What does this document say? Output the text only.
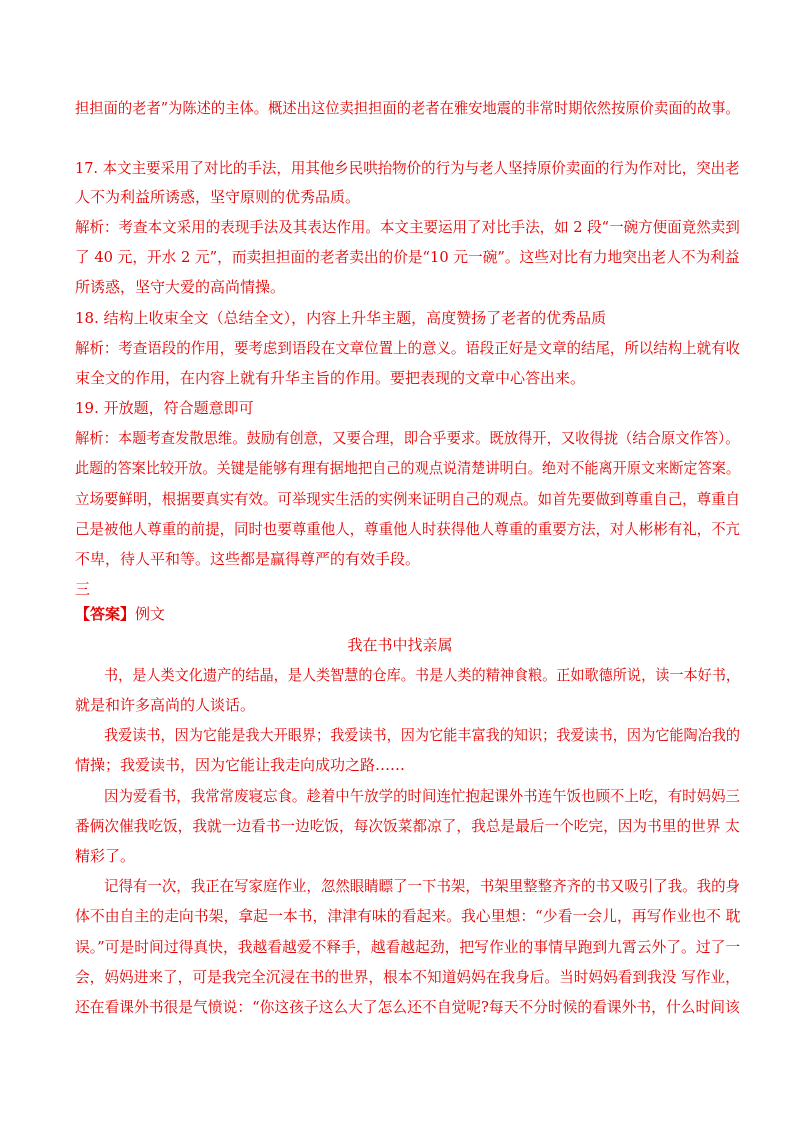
担担面的老者”为陈述的主体。概述出这位卖担担面的老者在雅安地震的非常时期依然按原价卖面的故事。
17. 本文主要采用了对比的手法，用其他乡民哄抬物价的行为与老人坚持原价卖面的行为作对比，突出老
人不为利益所诱惑，坚守原则的优秀品质。
解析：考查本文采用的表现手法及其表达作用。本文主要运用了对比手法，如 2 段“一碗方便面竟然卖到
了 40 元，开水 2 元”，而卖担担面的老者卖出的价是“10 元一碗”。这些对比有力地突出老人不为利益
所诱惑，坚守大爱的高尚情操。
18. 结构上收束全文（总结全文），内容上升华主题，高度赞扬了老者的优秀品质
解析：考查语段的作用，要考虑到语段在文章位置上的意义。语段正好是文章的结尾，所以结构上就有收
束全文的作用，在内容上就有升华主旨的作用。要把表现的文章中心答出来。
19. 开放题，符合题意即可
解析：本题考查发散思维。鼓励有创意，又要合理，即合乎要求。既放得开，又收得拢（结合原文作答）。
此题的答案比较开放。关键是能够有理有据地把自己的观点说清楚讲明白。绝对不能离开原文来断定答案。
立场要鲜明，根据要真实有效。可举现实生活的实例来证明自己的观点。如首先要做到尊重自己，尊重自
己是被他人尊重的前提，同时也要尊重他人，尊重他人时获得他人尊重的重要方法，对人彬彬有礼，不亢
不卑，待人平和等。这些都是赢得尊严的有效手段。
三
【答案】例文
我在书中找亲属
书，是人类文化遗产的结晶，是人类智慧的仓库。书是人类的精神食粮。正如歌德所说，读一本好书，
就是和许多高尚的人谈话。
我爱读书，因为它能是我大开眼界；我爱读书，因为它能丰富我的知识；我爱读书，因为它能陶冶我的
情操；我爱读书，因为它能让我走向成功之路……
因为爱看书，我常常废寝忘食。趁着中午放学的时间连忙抱起课外书连午饭也顾不上吃，有时妈妈三
番俩次催我吃饭，我就一边看书一边吃饭，每次饭菜都凉了，我总是最后一个吃完，因为书里的世界 太
精彩了。
记得有一次，我正在写家庭作业，忽然眼睛瞟了一下书架，书架里整整齐齐的书又吸引了我。我的身
体不由自主的走向书架，拿起一本书，津津有味的看起来。我心里想：“少看一会儿，再写作业也不 耽
误。”可是时间过得真快，我越看越爱不释手，越看越起劲，把写作业的事情早跑到九霄云外了。过了一
会，妈妈进来了，可是我完全沉浸在书的世界，根本不知道妈妈在我身后。当时妈妈看到我没 写作业，
还在看课外书很是气愤说：“你这孩子这么大了怎么还不自觉呢?每天不分时候的看课外书，什么时间该
